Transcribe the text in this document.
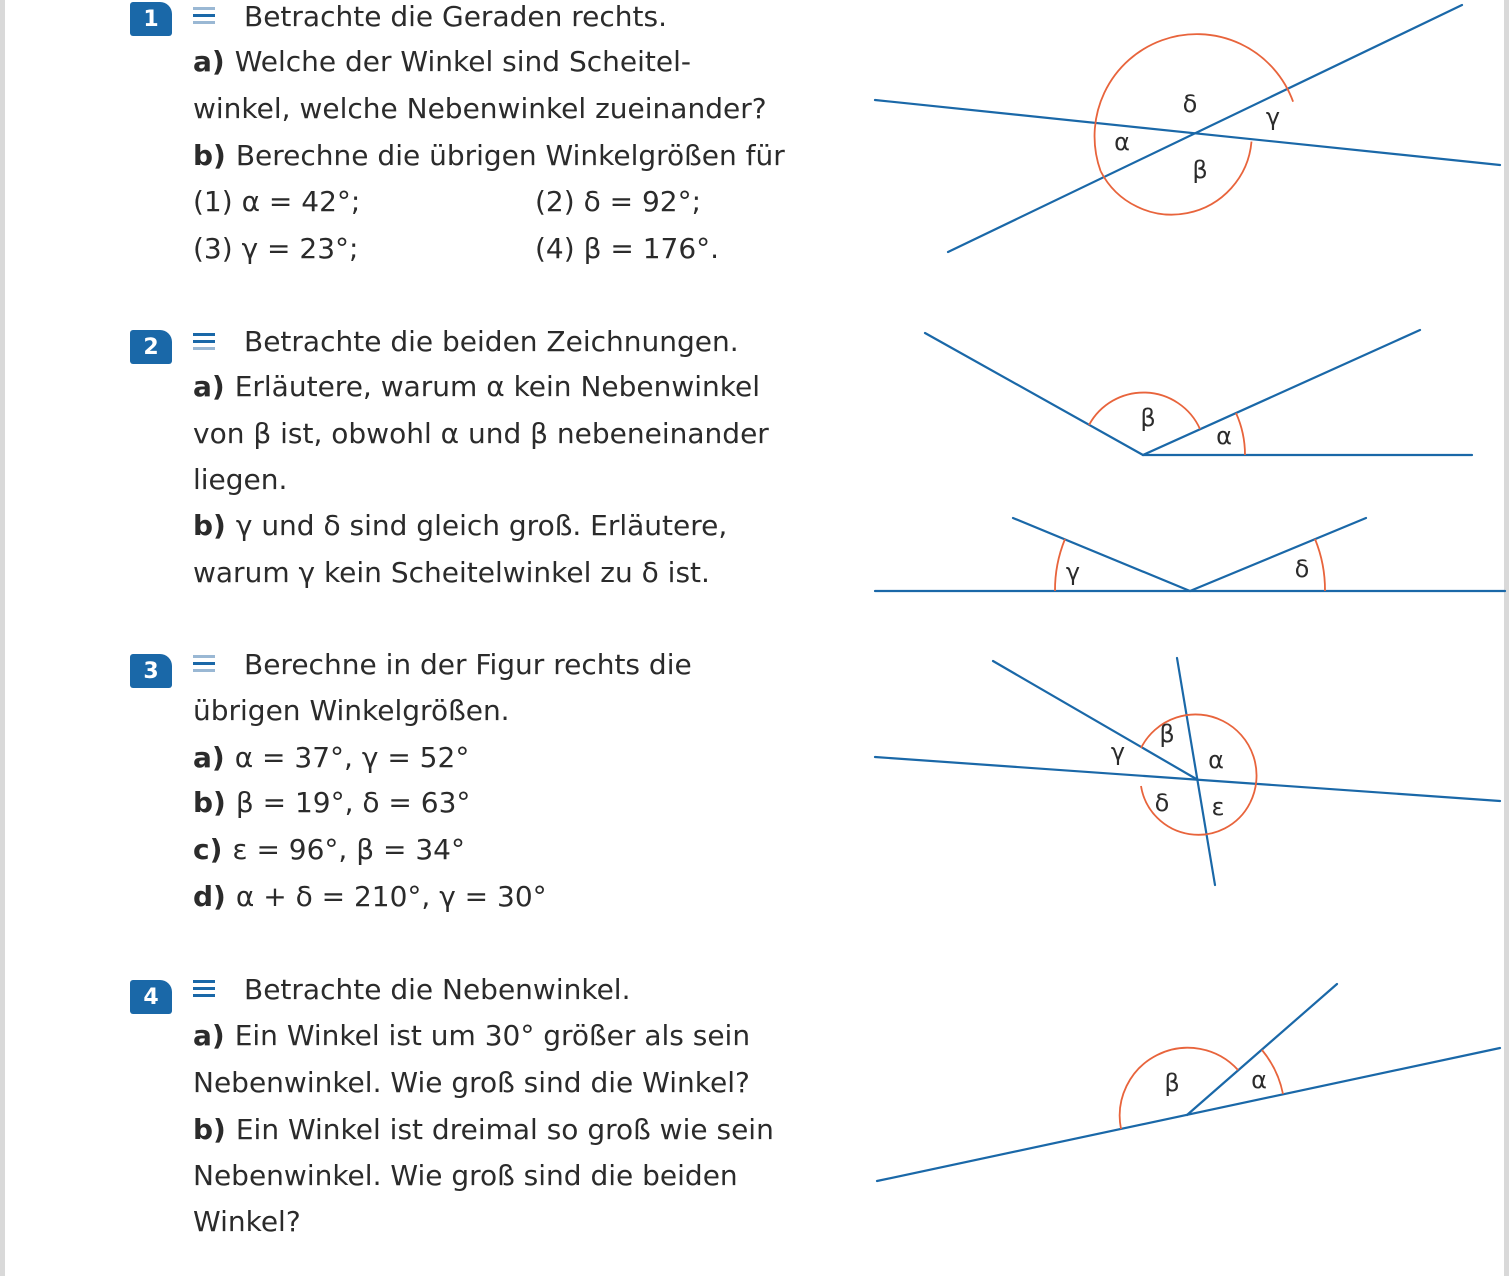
1	Betrachte die Geraden rechts.
a) Welche der Winkel sind Scheitel-
winkel, welche Nebenwinkel zueinander?
b) Berechne die übrigen Winkelgrößen für
(1) α = 42°;	(2) δ = 92°;
(3) γ = 23°;	(4) β = 176°.
2	Betrachte die beiden Zeichnungen.
a) Erläutere, warum α kein Nebenwinkel
von β ist, obwohl α und β nebeneinander
liegen.
b) γ und δ sind gleich groß. Erläutere,
warum γ kein Scheitelwinkel zu δ ist.
3	Berechne in der Figur rechts die
übrigen Winkelgrößen.
a) α = 37°, γ = 52°
b) β = 19°, δ = 63°
c) ε = 96°, β = 34°
d) α + δ = 210°, γ = 30°
4	Betrachte die Nebenwinkel.
a) Ein Winkel ist um 30° größer als sein
Nebenwinkel. Wie groß sind die Winkel?
b) Ein Winkel ist dreimal so groß wie sein
Nebenwinkel. Wie groß sind die beiden
Winkel?
δ	γ
α
β
β
α
γ	δ
β
γ	α
δ ε
β	α
